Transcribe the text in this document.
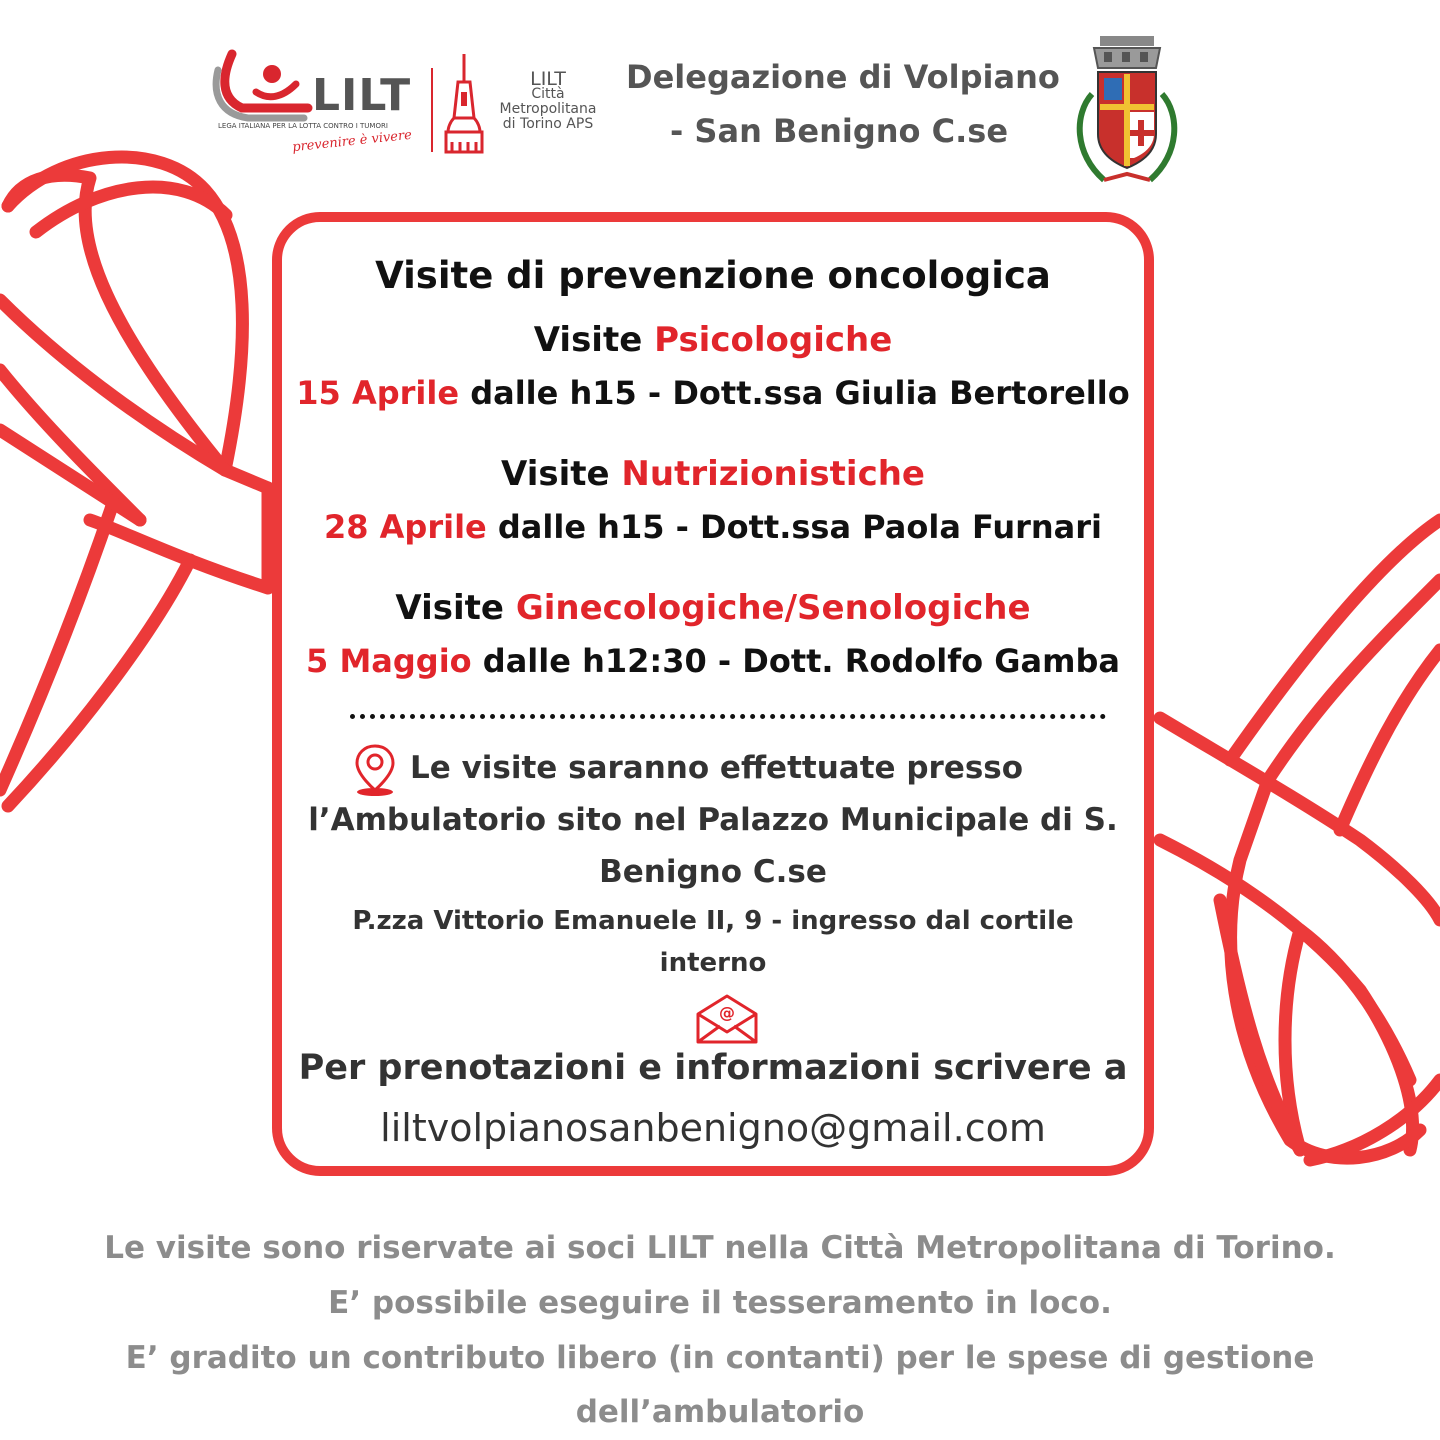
LILT
LEGA ITALIANA PER LA LOTTA CONTRO I TUMORI
prevenire è vivere
LILT
Città Metropolitana
di Torino APS
Delegazione di Volpiano
- San Benigno C.se
Visite di prevenzione oncologica
Visite Psicologiche
15 Aprile dalle h15 - Dott.ssa Giulia Bertorello
Visite Nutrizionistiche
28 Aprile dalle h15 - Dott.ssa Paola Furnari
Visite Ginecologiche/Senologiche
5 Maggio dalle h12:30 - Dott. Rodolfo Gamba
Le visite saranno effettuate presso
l’Ambulatorio sito nel Palazzo Municipale di S.
Benigno C.se
P.zza Vittorio Emanuele II, 9 - ingresso dal cortile
interno
@
Per prenotazioni e informazioni scrivere a
liltvolpianosanbenigno@gmail.com
Le visite sono riservate ai soci LILT nella Città Metropolitana di Torino.
E’ possibile eseguire il tesseramento in loco.
E’ gradito un contributo libero (in contanti) per le spese di gestione
dell’ambulatorio
